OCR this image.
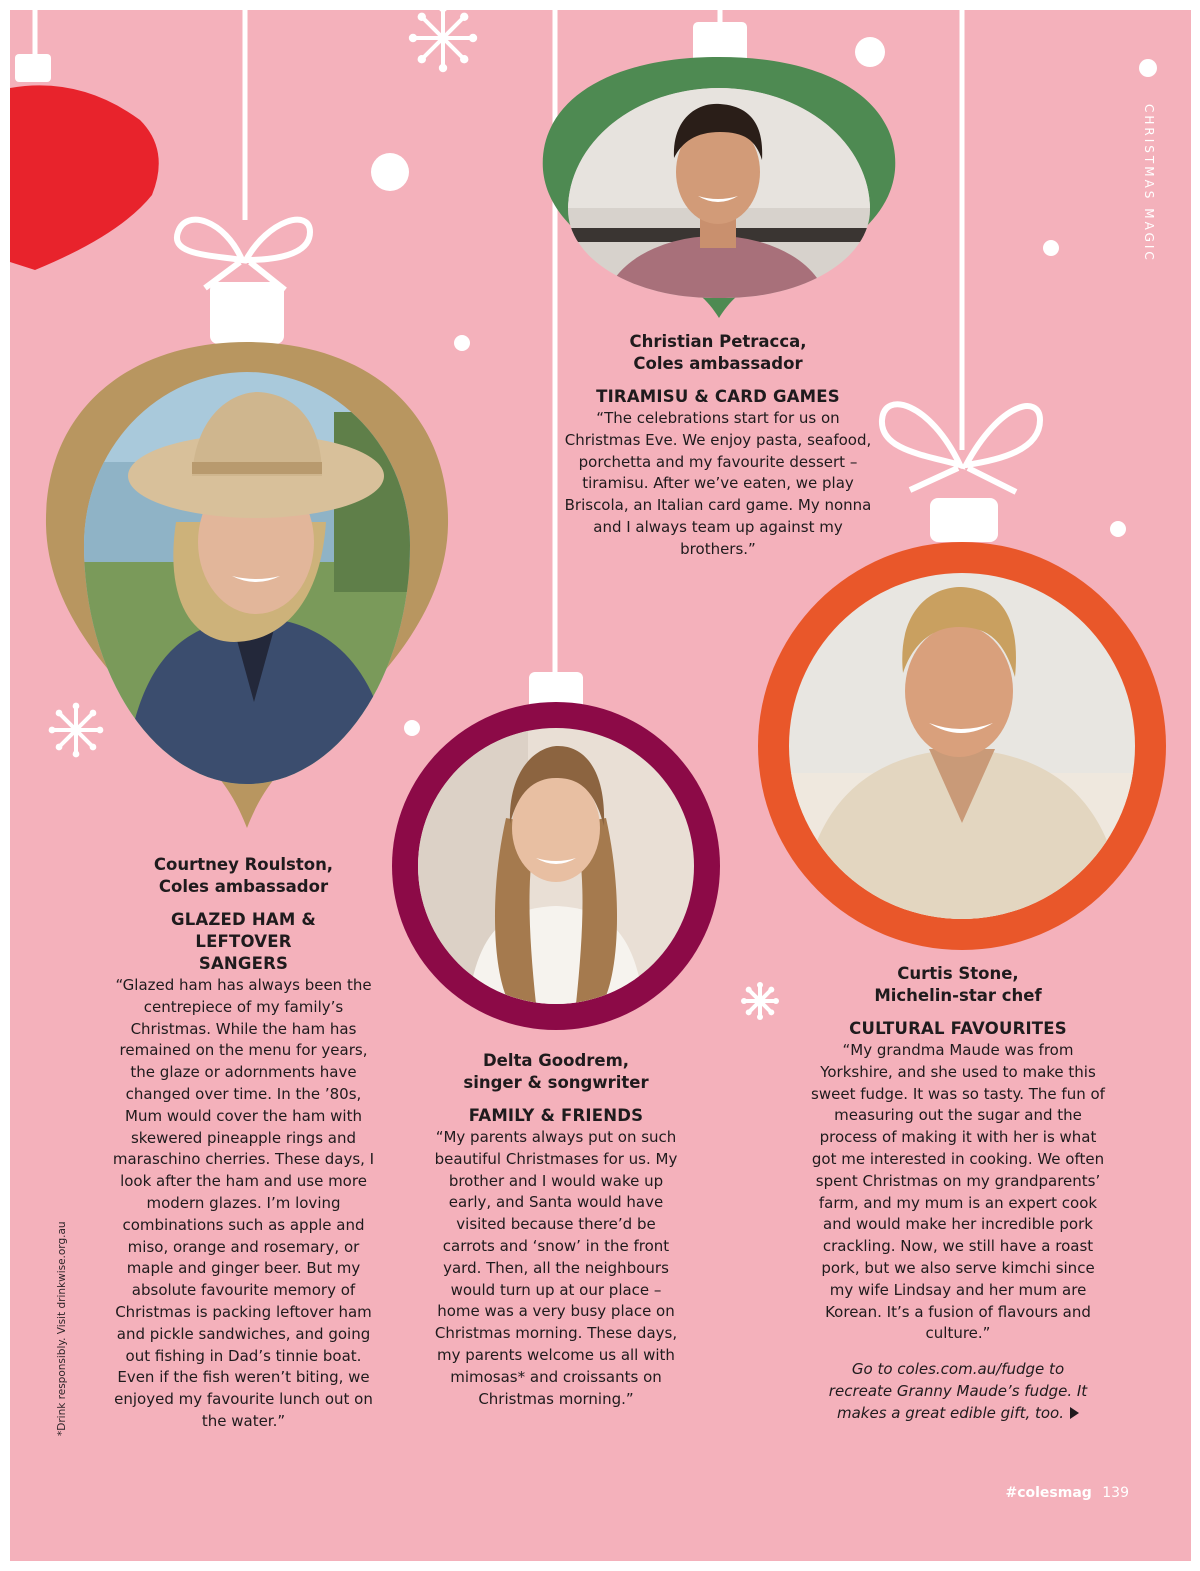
Christian Petracca,
Coles ambassador
TIRAMISU & CARD GAMES
“The celebrations start for us on Christmas Eve. We enjoy pasta, seafood, porchetta and my favourite dessert – tiramisu. After we’ve eaten, we play Briscola, an Italian card game. My nonna and I always team up against my brothers.”
Courtney Roulston,
Coles ambassador
GLAZED HAM & LEFTOVER SANGERS
“Glazed ham has always been the centrepiece of my family’s Christmas. While the ham has remained on the menu for years, the glaze or adornments have changed over time. In the ’80s, Mum would cover the ham with skewered pineapple rings and maraschino cherries. These days, I look after the ham and use more modern glazes. I’m loving combinations such as apple and miso, orange and rosemary, or maple and ginger beer. But my absolute favourite memory of Christmas is packing leftover ham and pickle sandwiches, and going out fishing in Dad’s tinnie boat. Even if the fish weren’t biting, we enjoyed my favourite lunch out on the water.”
Delta Goodrem,
singer & songwriter
FAMILY & FRIENDS
“My parents always put on such beautiful Christmases for us. My brother and I would wake up early, and Santa would have visited because there’d be carrots and ‘snow’ in the front yard. Then, all the neighbours would turn up at our place – home was a very busy place on Christmas morning. These days, my parents welcome us all with mimosas* and croissants on Christmas morning.”
Curtis Stone,
Michelin-star chef
CULTURAL FAVOURITES
“My grandma Maude was from Yorkshire, and she used to make this sweet fudge. It was so tasty. The fun of measuring out the sugar and the process of making it with her is what got me interested in cooking. We often spent Christmas on my grandparents’ farm, and my mum is an expert cook and would make her incredible pork crackling. Now, we still have a roast pork, but we also serve kimchi since my wife Lindsay and her mum are Korean. It’s a fusion of flavours and culture.”
Go to coles.com.au/fudge to recreate Granny Maude’s fudge. It makes a great edible gift, too.
CHRISTMAS MAGIC
*Drink responsibly. Visit drinkwise.org.au
#colesmag 139
